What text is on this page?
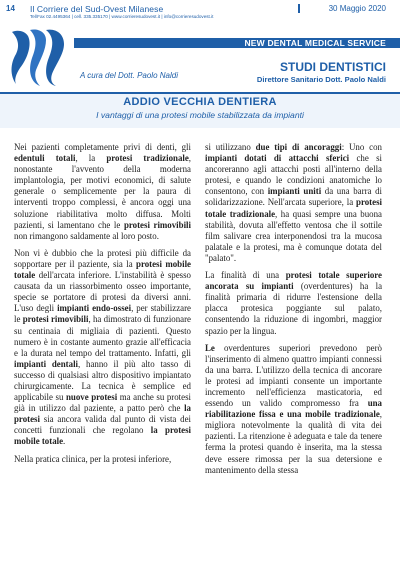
14 Il Corriere del Sud-Ovest Milanese
Tel/Fax 02.4495364 | cell. 335.335170 | www.corrieresudovest.it | info@corrieresudovest.it
30 Maggio 2020
NEW DENTAL MEDICAL SERVICE
A cura del Dott. Paolo Naldi
STUDI DENTISTICI
Direttore Sanitario Dott. Paolo Naldi
ADDIO VECCHIA DENTIERA
I vantaggi di una protesi mobile stabilizzata da impianti

Nei pazienti completamente privi di denti, gli edentuli totali, la protesi tradizionale, nonostante l'avvento della moderna implantologia, per motivi economici, di salute generale o semplicemente per la paura di interventi troppo complessi, è ancora oggi una soluzione riabilitativa molto diffusa. Molti pazienti, si lamentano che le protesi rimovibili non rimangono saldamente al loro posto.

Non vi è dubbio che la protesi più difficile da sopportare per il paziente, sia la protesi mobile totale dell'arcata inferiore. L'instabilità è spesso causata da un riassorbimento osseo importante, specie se portatore di protesi da diversi anni. L'uso degli impianti endo-ossei, per stabilizzare le protesi rimovibili, ha dimostrato di funzionare su centinaia di migliaia di pazienti. Questo numero è in costante aumento grazie all'efficacia e la durata nel tempo del trattamento. Infatti, gli impianti dentali, hanno il più alto tasso di successo di qualsiasi altro dispositivo impiantato chirurgicamente. La tecnica è semplice ed applicabile su nuove protesi ma anche su protesi già in utilizzo dal paziente, a patto però che la protesi sia ancora valida dal punto di vista dei concetti funzionali che regolano la protesi mobile totale.

Nella pratica clinica, per la protesi inferiore,

si utilizzano due tipi di ancoraggi: Uno con impianti dotati di attacchi sferici che si ancoreranno agli attacchi posti all'interno della protesi, e quando le condizioni anatomiche lo consentono, con impianti uniti da una barra di solidarizzazione. Nell'arcata superiore, la protesi totale tradizionale, ha quasi sempre una buona stabilità, dovuta all'effetto ventosa che il sottile film salivare crea interponendosi tra la mucosa palatale e la protesi, ma è comunque dotata del "palato".

La finalità di una protesi totale superiore ancorata su impianti (overdentures) ha la finalità primaria di ridurre l'estensione della placca protesica poggiante sul palato, consentendo la riduzione di ingombri, maggior spazio per la lingua.

Le overdentures superiori prevedono però l'inserimento di almeno quattro impianti connessi da una barra. L'utilizzo della tecnica di ancorare le protesi ad impianti consente un importante incremento nell'efficienza masticatoria, ed essendo un valido compromesso fra una riabilitazione fissa e una mobile tradizionale, migliora notevolmente la qualità di vita dei pazienti. La ritenzione è adeguata e tale da tenere ferma la protesi quando è inserita, ma la stessa deve essere rimossa per la sua detersione e mantenimento della stessa
